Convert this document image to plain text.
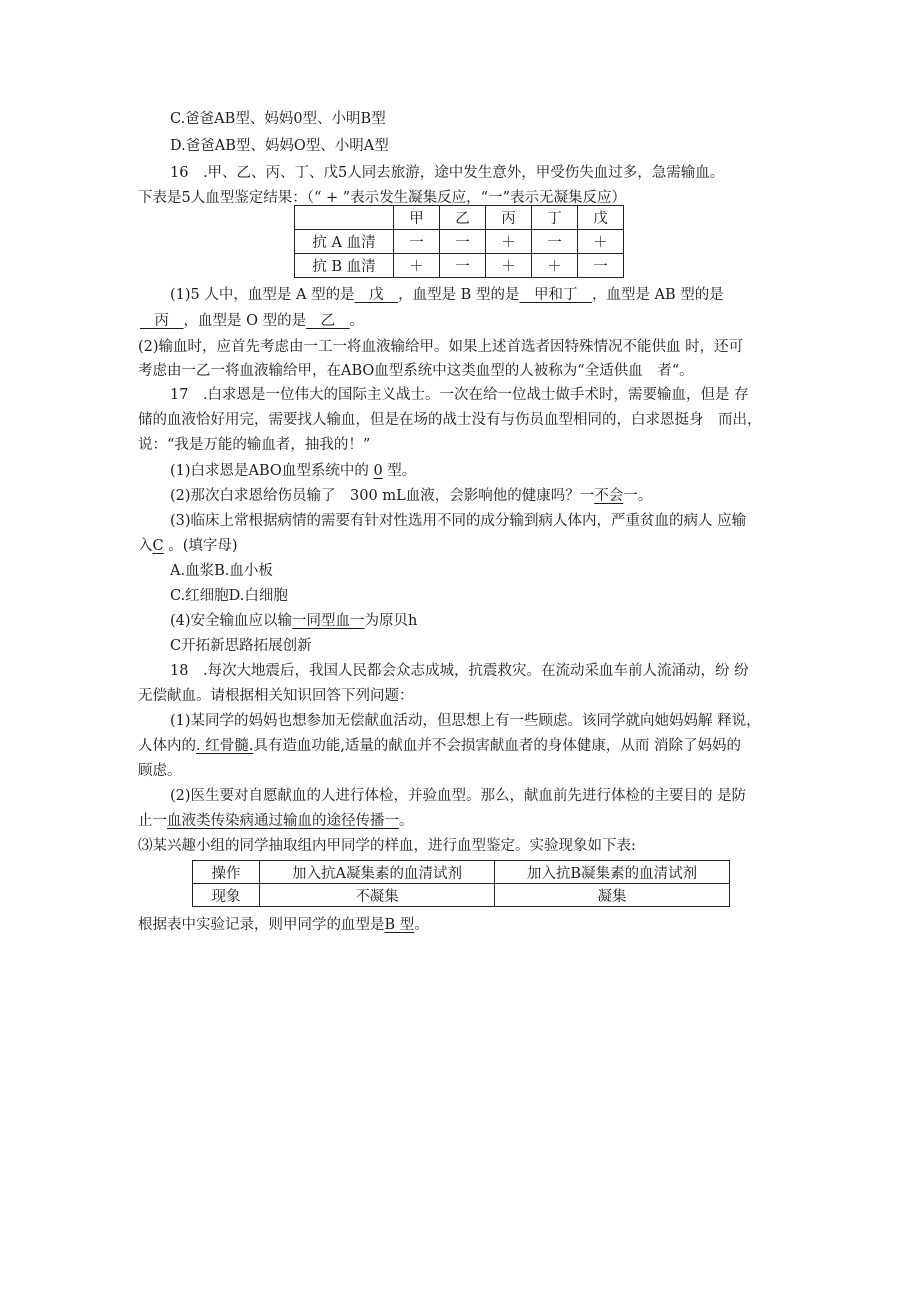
C.爸爸AB型、妈妈0型、小明B型
D.爸爸AB型、妈妈O型、小明A型
16　.甲、乙、丙、丁、戊5人同去旅游，途中发生意外，甲受伤失血过多，急需输血。
下表是5人血型鉴定结果：（“ + ”表示发生凝集反应，“一”表示无凝集反应）
	甲	乙	丙	丁	戊
抗 A 血清	一	一	＋	一	＋
抗 B 血清	＋	一	＋	＋	一
(1)5 人中，血型是 A 型的是　戊　，血型是 B 型的是　甲和丁　，血型是 AB 型的是
　丙　，血型是 O 型的是　乙　。
(2)输血时，应首先考虑由一工一将血液输给甲。如果上述首选者因特殊情况不能供血 时，还可
考虑由一乙一将血液输给甲，在ABO血型系统中这类血型的人被称为“全适供血　者“。
17　.白求恩是一位伟大的国际主义战士。一次在给一位战士做手术时，需要输血，但是 存
储的血液恰好用完，需要找人输血，但是在场的战士没有与伤员血型相同的，白求恩挺身　而出，
说：“我是万能的输血者，抽我的！”
(1)白求恩是ABO血型系统中的 0 型。
(2)那次白求恩给伤员输了　300 mL血液，会影响他的健康吗？一不会一。
(3)临床上常根据病情的需要有针对性选用不同的成分输到病人体内，严重贫血的病人 应输
入C 。(填字母)
A.血浆B.血小板
C.红细胞D.白细胞
(4)安全输血应以输一同型血一为原贝h
C开拓新思路拓展创新
18　.每次大地震后，我国人民都会众志成城，抗震救灾。在流动采血车前人流涌动，纷 纷
无偿献血。请根据相关知识回答下列问题：
(1)某同学的妈妈也想参加无偿献血活动，但思想上有一些顾虑。该同学就向她妈妈解 释说，
人体内的. 红骨髓.具有造血功能,适量的献血并不会损害献血者的身体健康，从而 消除了妈妈的
顾虑。
(2)医生要对自愿献血的人进行体检，并验血型。那么，献血前先进行体检的主要目的 是防
止一血液类传染病通过输血的途径传播一。
⑶某兴趣小组的同学抽取组内甲同学的样血，进行血型鉴定。实验现象如下表:
操作	加入抗A凝集素的血清试剂	加入抗B凝集素的血清试剂
现象	不凝集	凝集
根据表中实验记录，则甲同学的血型是B 型。
